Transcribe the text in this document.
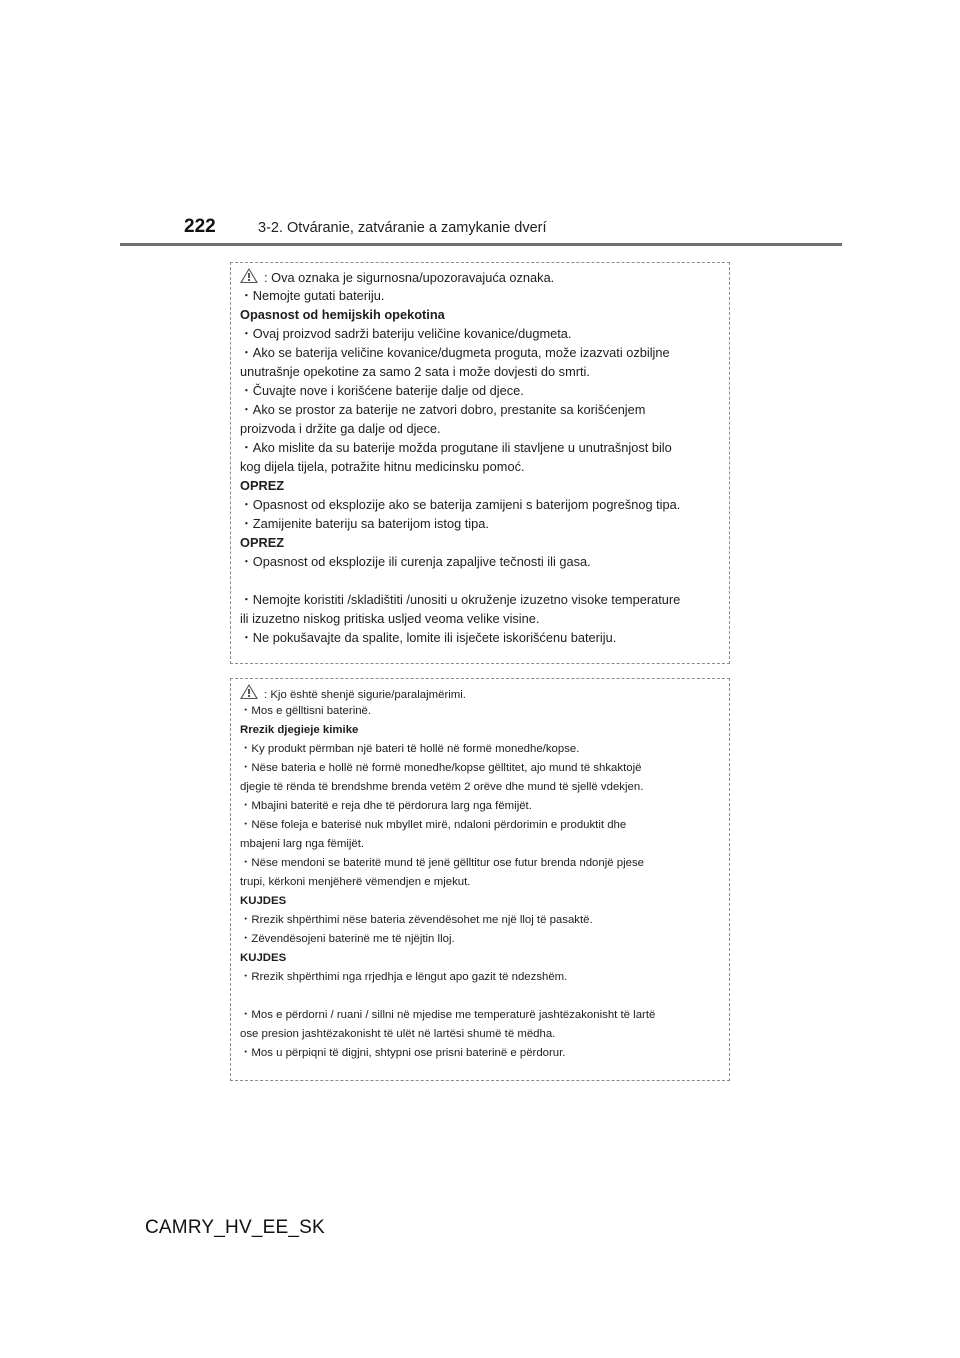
222	3-2. Otváranie, zatváranie a zamykanie dverí
: Ova oznaka je sigurnosna/upozoravajuća oznaka.
・Nemojte gutati bateriju.
Opasnost od hemijskih opekotina
・Ovaj proizvod sadrži bateriju veličine kovanice/dugmeta.
・Ako se baterija veličine kovanice/dugmeta proguta, može izazvati ozbiljne
unutrašnje opekotine za samo 2 sata i može dovjesti do smrti.
・Čuvajte nove i korišćene baterije dalje od djece.
・Ako se prostor za baterije ne zatvori dobro, prestanite sa korišćenjem
proizvoda i držite ga dalje od djece.
・Ako mislite da su baterije možda progutane ili stavljene u unutrašnjost bilo
kog dijela tijela, potražite hitnu medicinsku pomoć.
OPREZ
・Opasnost od eksplozije ako se baterija zamijeni s baterijom pogrešnog tipa.
・Zamijenite bateriju sa baterijom istog tipa.
OPREZ
・Opasnost od eksplozije ili curenja zapaljive tečnosti ili gasa.
・Nemojte koristiti /skladištiti /unositi u okruženje izuzetno visoke temperature
ili izuzetno niskog pritiska usljed veoma velike visine.
・Ne pokušavajte da spalite, lomite ili isječete iskorišćenu bateriju.
: Kjo është shenjë sigurie/paralajmërimi.
・Mos e gëlltisni baterinë.
Rrezik djegieje kimike
・Ky produkt përmban një bateri të hollë në formë monedhe/kopse.
・Nëse bateria e hollë në formë monedhe/kopse gëlltitet, ajo mund të shkaktojë
djegie të rënda të brendshme brenda vetëm 2 orëve dhe mund të sjellë vdekjen.
・Mbajini bateritë e reja dhe të përdorura larg nga fëmijët.
・Nëse foleja e baterisë nuk mbyllet mirë, ndaloni përdorimin e produktit dhe
mbajeni larg nga fëmijët.
・Nëse mendoni se bateritë mund të jenë gëlltitur ose futur brenda ndonjë pjese
trupi, kërkoni menjëherë vëmendjen e mjekut.
KUJDES
・Rrezik shpërthimi nëse bateria zëvendësohet me një lloj të pasaktë.
・Zëvendësojeni baterinë me të njëjtin lloj.
KUJDES
・Rrezik shpërthimi nga rrjedhja e lëngut apo gazit të ndezshëm.
・Mos e përdorni / ruani / sillni në mjedise me temperaturë jashtëzakonisht të lartë
ose presion jashtëzakonisht të ulët në lartësi shumë të mëdha.
・Mos u përpiqni të digjni, shtypni ose prisni baterinë e përdorur.
CAMRY_HV_EE_SK
